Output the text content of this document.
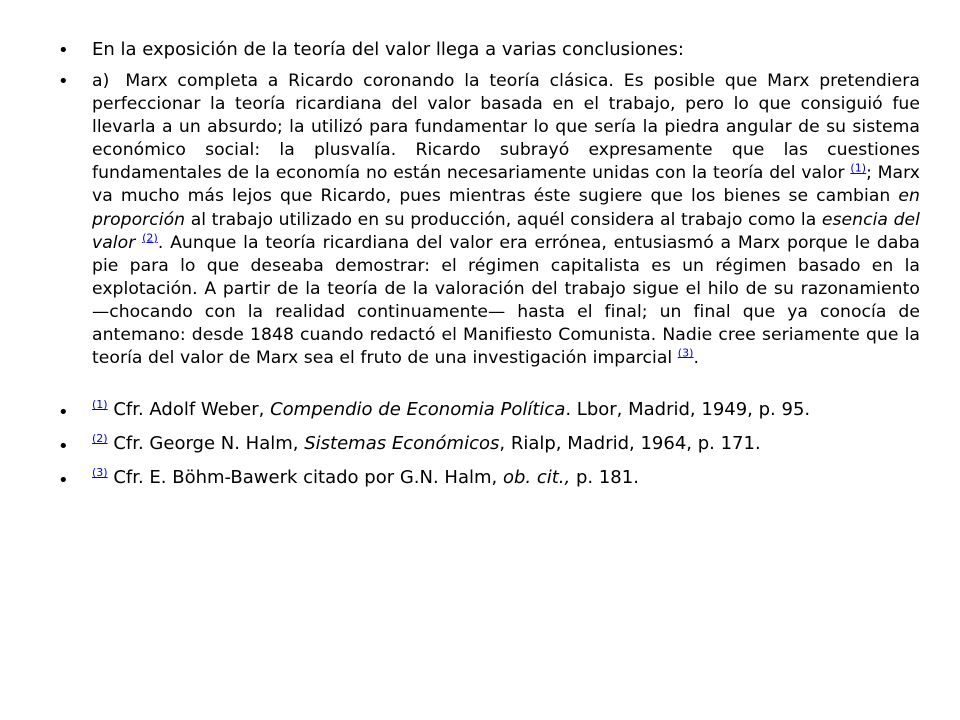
• En la exposición de la teoría del valor llega a varias conclusiones:
• a) Marx completa a Ricardo coronando la teoría clásica. Es posible que Marx pretendiera perfeccionar la teoría ricardiana del valor basada en el trabajo, pero lo que consiguió fue llevarla a un absurdo; la utilizó para fundamentar lo que sería la piedra angular de su sistema económico social: la plusvalía. Ricardo subrayó expresamente que las cuestiones fundamentales de la economía no están necesariamente unidas con la teoría del valor $^{(1)}$; Marx va mucho más lejos que Ricardo, pues mientras éste sugiere que los bienes se cambian en proporción al trabajo utilizado en su producción, aquél considera al trabajo como la esencia del valor $^{(2)}$. Aunque la teoría ricardiana del valor era errónea, entusiasmó a Marx porque le daba pie para lo que deseaba demostrar: el régimen capitalista es un régimen basado en la explotación. A partir de la teoría de la valoración del trabajo sigue el hilo de su razonamiento —chocando con la realidad continuamente— hasta el final; un final que ya conocía de antemano: desde 1848 cuando redactó el Manifiesto Comunista. Nadie cree seriamente que la teoría del valor de Marx sea el fruto de una investigación imparcial $^{(3)}$.
• $^{(1)}$ Cfr. Adolf Weber, Compendio de Economia Política. Lbor, Madrid, 1949, p. 95.
• $^{(2)}$ Cfr. George N. Halm, Sistemas Económicos, Rialp, Madrid, 1964, p. 171.
• $^{(3)}$ Cfr. E. Böhm-Bawerk citado por G.N. Halm, ob. cit., p. 181.
